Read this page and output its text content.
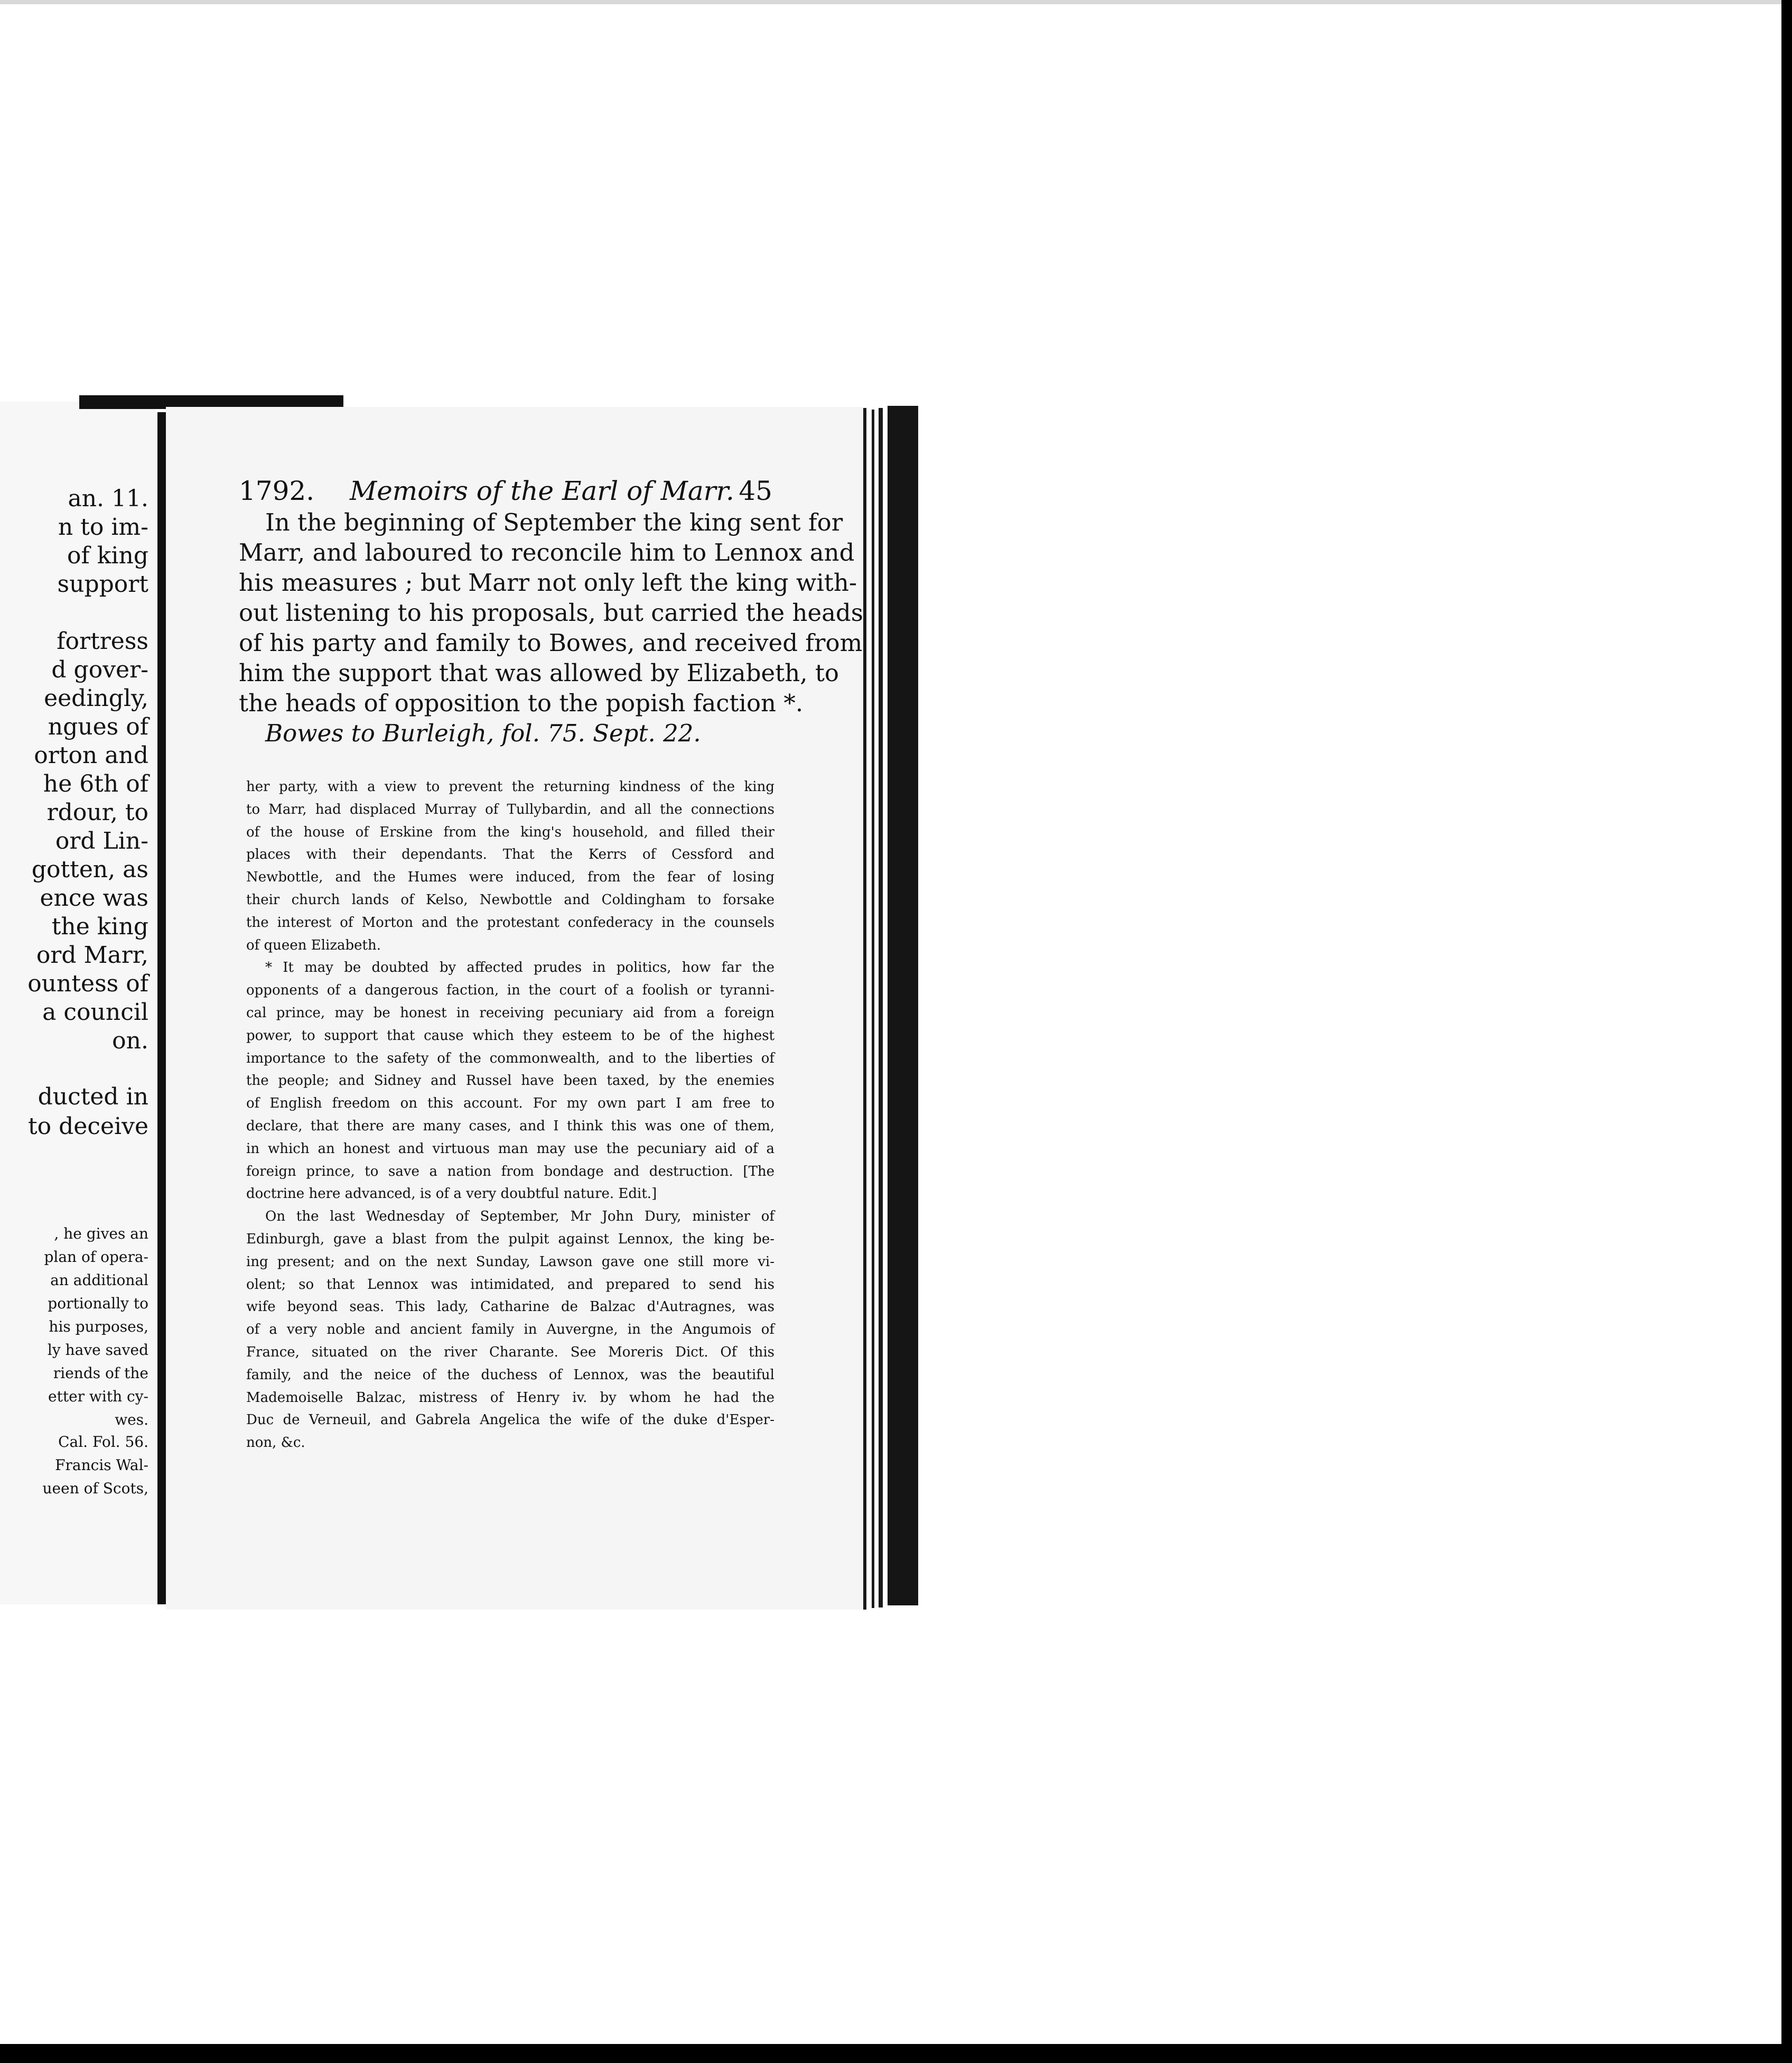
an. 11.
n to im-
of king
support
fortress
d gover-
eedingly,
ngues of
orton and
he 6th of
rdour, to
ord Lin-
gotten, as
ence was
the king
ord Marr,
ountess of
a council
on.
ducted in
to deceive
, he gives an
plan of opera-
an additional
portionally to
his purposes,
ly have saved
riends of the
etter with cy-
wes.
Cal. Fol. 56.
Francis Wal-
ueen of Scots,
1792. Memoirs of the Earl of Marr. 45
In the beginning of September the king sent for
Marr, and laboured to reconcile him to Lennox and
his measures ; but Marr not only left the king with-
out listening to his proposals, but carried the heads
of his party and family to Bowes, and received from
him the support that was allowed by Elizabeth, to
the heads of opposition to the popish faction *.
Bowes to Burleigh, fol. 75. Sept. 22.
her party, with a view to prevent the returning kindness of the king
to Marr, had displaced Murray of Tullybardin, and all the connections
of the house of Erskine from the king's household, and filled their
places with their dependants. That the Kerrs of Cessford and
Newbottle, and the Humes were induced, from the fear of losing
their church lands of Kelso, Newbottle and Coldingham to forsake
the interest of Morton and the protestant confederacy in the counsels
of queen Elizabeth.
* It may be doubted by affected prudes in politics, how far the
opponents of a dangerous faction, in the court of a foolish or tyranni-
cal prince, may be honest in receiving pecuniary aid from a foreign
power, to support that cause which they esteem to be of the highest
importance to the safety of the commonwealth, and to the liberties of
the people; and Sidney and Russel have been taxed, by the enemies
of English freedom on this account. For my own part I am free to
declare, that there are many cases, and I think this was one of them,
in which an honest and virtuous man may use the pecuniary aid of a
foreign prince, to save a nation from bondage and destruction. [The
doctrine here advanced, is of a very doubtful nature. Edit.]
On the last Wednesday of September, Mr John Dury, minister of
Edinburgh, gave a blast from the pulpit against Lennox, the king be-
ing present; and on the next Sunday, Lawson gave one still more vi-
olent; so that Lennox was intimidated, and prepared to send his
wife beyond seas. This lady, Catharine de Balzac d'Autragnes, was
of a very noble and ancient family in Auvergne, in the Angumois of
France, situated on the river Charante. See Moreris Dict. Of this
family, and the neice of the duchess of Lennox, was the beautiful
Mademoiselle Balzac, mistress of Henry iv. by whom he had the
Duc de Verneuil, and Gabrela Angelica the wife of the duke d'Esper-
non, &c.
